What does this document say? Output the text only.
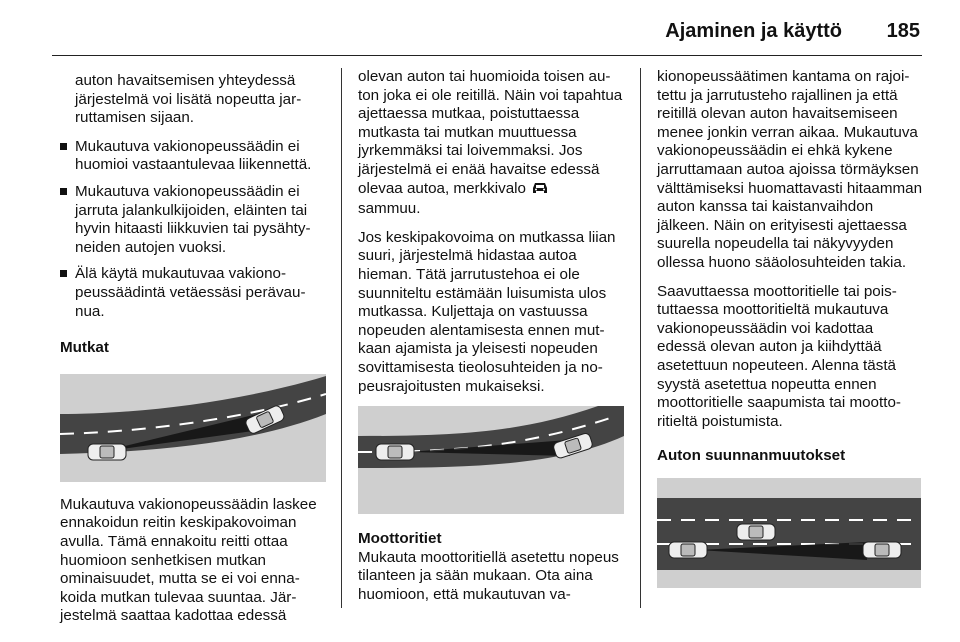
Ajaminen ja käyttö 185

auton havaitsemisen yhteydessä järjestelmä voi lisätä nopeutta jarruttamisen sijaan.

Mukautuva vakionopeussäädin ei huomioi vastaantulevaa liikennettä.
Mukautuva vakionopeussäädin ei jarruta jalankulkijoiden, eläinten tai hyvin hitaasti liikkuvien tai pysähtyneiden autojen vuoksi.
Älä käytä mukautuvaa vakionopeussäädintä vetäessäsi perävaunua.
Mutkat

Mukautuva vakionopeussäädin laskee ennakoidun reitin keskipakovoiman avulla. Tämä ennakoitu reitti ottaa huomioon senhetkisen mutkan ominaisuudet, mutta se ei voi ennakoida mutkan tulevaa suuntaa. Järjestelmä saattaa kadottaa edessä

olevan auton tai huomioida toisen auton joka ei ole reitillä. Näin voi tapahtua ajettaessa mutkaa, poistuttaessa mutkasta tai mutkan muuttuessa jyrkemmäksi tai loivemmaksi. Jos järjestelmä ei enää havaitse edessä olevaa autoa, merkkivalo
sammuu.

Jos keskipakovoima on mutkassa liian suuri, järjestelmä hidastaa autoa hieman. Tätä jarrutustehoa ei ole suunniteltu estämään luisumista ulos mutkassa. Kuljettaja on vastuussa nopeuden alentamisesta ennen mutkaan ajamista ja yleisesti nopeuden sovittamisesta tieolosuhteiden ja nopeusrajoitusten mukaiseksi.

Moottoritiet

Mukauta moottoritiellä asetettu nopeus tilanteen ja sään mukaan. Ota aina huomioon, että mukautuvan va-

kionopeussäätimen kantama on rajoitettu ja jarrutusteho rajallinen ja että reitillä olevan auton havaitsemiseen menee jonkin verran aikaa. Mukautuva vakionopeussäädin ei ehkä kykene jarruttamaan autoa ajoissa törmäyksen välttämiseksi huomattavasti hitaamman auton kanssa tai kaistanvaihdon jälkeen. Näin on erityisesti ajettaessa suurella nopeudella tai näkyvyyden ollessa huono sääolosuhteiden takia.

Saavuttaessa moottoritielle tai poistuttaessa moottoritieltä mukautuva vakionopeussäädin voi kadottaa edessä olevan auton ja kiihdyttää asetettuun nopeuteen. Alenna tästä syystä asetettua nopeutta ennen moottoritielle saapumista tai moottoritieltä poistumista.

Auton suunnanmuutokset
